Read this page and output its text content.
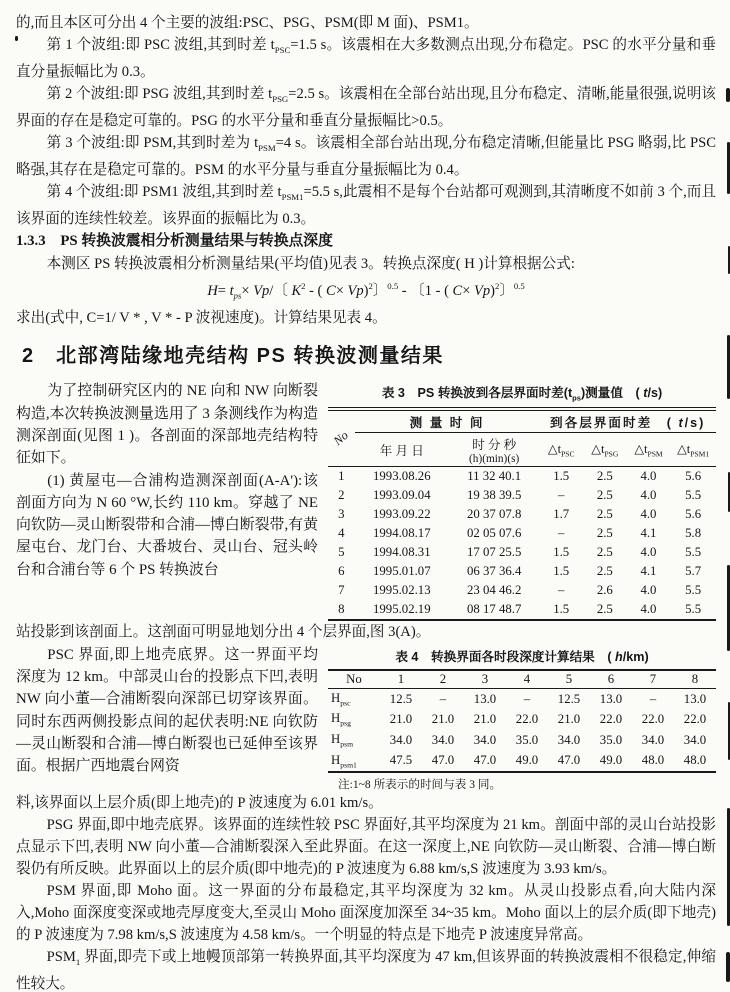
的,而且本区可分出 4 个主要的波组:PSC、PSG、PSM(即 M 面)、PSM1。

第 1 个波组:即 PSC 波组,其到时差 $t_{PSC}=1.5$ s。该震相在大多数测点出现,分布稳定。PSC 的水平分量和垂直分量振幅比为 0.3。

第 2 个波组:即 PSG 波组,其到时差 $t_{PSG}=2.5$ s。该震相在全部台站出现,且分布稳定、清晰,能量很强,说明该界面的存在是稳定可靠的。PSG 的水平分量和垂直分量振幅比>0.5。

第 3 个波组:即 PSM,其到时差为 $t_{PSM}=4$ s。该震相全部台站出现,分布稳定清晰,但能量比 PSG 略弱,比 PSC 略强,其存在是稳定可靠的。PSM 的水平分量与垂直分量振幅比为 0.4。

第 4 个波组:即 PSM1 波组,其到时差 $t_{PSM1}=5.5$ s,此震相不是每个台站都可观测到,其清晰度不如前 3 个,而且该界面的连续性较差。该界面的振幅比为 0.3。

1.3.3　PS 转换波震相分析测量结果与转换点深度

本测区 PS 转换波震相分析测量结果(平均值)见表 3。转换点深度( H )计算根据公式:

$H= t_{ps}\times Vp/$〔 $K^2$ - ( C× Vp)$^2$〕$^{0.5}$ - 〔1 - ( C× Vp)$^2$〕$^{0.5}$

求出(式中, C=1/ V * , V * - P 波视速度)。计算结果见表 4。

2　北部湾陆缘地壳结构 PS 转换波测量结果

为了控制研究区内的 NE 向和 NW 向断裂构造,本次转换波测量选用了 3 条测线作为构造测深剖面(见图 1 )。各剖面的深部地壳结构特征如下。

(1) 黄屋屯—合浦构造测深剖面(A-A'):该剖面方向为 N 60 °W,长约 110 km。穿越了 NE 向钦防—灵山断裂带和合浦—博白断裂带,有黄屋屯台、龙门台、大番坡台、灵山台、冠头岭台和合浦台等 6 个 PS 转换波台

表 3　PS 转换波到各层界面时差$(t_{ps})$测量值　( t/s)
No	测 量 时 间		到各层界面时差　( t/s)			
	年 月 日	时 分 秒
(h)(min)(s)	$\triangle t_{PSC}$	$\triangle t_{PSG}$	$\triangle t_{PSM}$	$\triangle t_{PSM1}$
1	1993.08.26	11 32 40.1	1.5	2.5	4.0	5.6
2	1993.09.04	19 38 39.5	–	2.5	4.0	5.5
3	1993.09.22	20 37 07.8	1.7	2.5	4.0	5.6
4	1994.08.17	02 05 07.6	–	2.5	4.1	5.8
5	1994.08.31	17 07 25.5	1.5	2.5	4.0	5.5
6	1995.01.07	06 37 36.4	1.5	2.5	4.1	5.7
7	1995.02.13	23 04 46.2	–	2.6	4.0	5.5
8	1995.02.19	08 17 48.7	1.5	2.5	4.0	5.5

站投影到该剖面上。这剖面可明显地划分出 4 个层界面,图 3(A)。

PSC 界面,即上地壳底界。这一界面平均深度为 12 km。中部灵山台的投影点下凹,表明 NW 向小董—合浦断裂向深部已切穿该界面。同时东西两侧投影点间的起伏表明:NE 向钦防—灵山断裂和合浦—博白断裂也已延伸至该界面。根据广西地震台网资

表 4　转换界面各时段深度计算结果　( h/km)
No	1	2	3	4	5	6	7	8
$H_{psc}$	12.5	–	13.0	–	12.5	13.0	–	13.0
$H_{psg}$	21.0	21.0	21.0	22.0	21.0	22.0	22.0	22.0
$H_{psm}$	34.0	34.0	34.0	35.0	34.0	35.0	34.0	34.0
$H_{psm1}$	47.5	47.0	47.0	49.0	47.0	49.0	48.0	48.0
注:1~8 所表示的时间与表 3 同。

料,该界面以上层介质(即上地壳)的 P 波速度为 6.01 km/s。

PSG 界面,即中地壳底界。该界面的连续性较 PSC 界面好,其平均深度为 21 km。剖面中部的灵山台站投影点显示下凹,表明 NW 向小董—合浦断裂深入至此界面。在这一深度上,NE 向钦防—灵山断裂、合浦—博白断裂仍有所反映。此界面以上的层介质(即中地壳)的 P 波速度为 6.88 km/s,S 波速度为 3.93 km/s。

PSM 界面,即 Moho 面。这一界面的分布最稳定,其平均深度为 32 km。从灵山投影点看,向大陆内深入,Moho 面深度变深或地壳厚度变大,至灵山 Moho 面深度加深至 34~35 km。Moho 面以上的层介质(即下地壳)的 P 波速度为 7.98 km/s,S 波速度为 4.58 km/s。一个明显的特点是下地壳 P 波速度异常高。

$PSM_1$ 界面,即壳下或上地幔顶部第一转换界面,其平均深度为 47 km,但该界面的转换波震相不很稳定,伸缩性较大。
